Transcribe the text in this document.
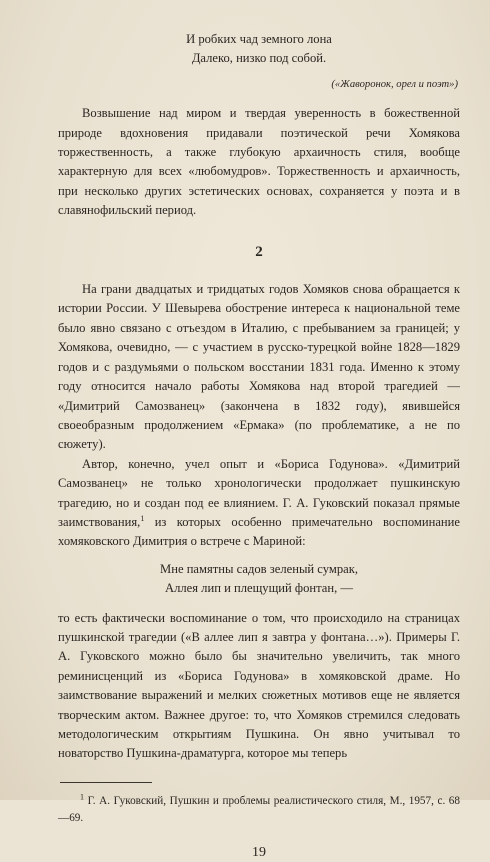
И робких чад земного лона
Далеко, низко под собой.
(«Жаворонок, орел и поэт»)

Возвышение над миром и твердая уверенность в божественной природе вдохновения придавали поэтической речи Хомякова торжественность, а также глубокую архаичность стиля, вообще характерную для всех «любомудров». Торжественность и архаичность, при несколько других эстетических основах, сохраняется у поэта и в славянофильский период.

2

На грани двадцатых и тридцатых годов Хомяков снова обращается к истории России. У Шевырева обострение интереса к национальной теме было явно связано с отъездом в Италию, с пребыванием за границей; у Хомякова, очевидно, — с участием в русско-турецкой войне 1828—1829 годов и с раздумьями о польском восстании 1831 года. Именно к этому году относится начало работы Хомякова над второй трагедией — «Димитрий Самозванец» (закончена в 1832 году), явившейся своеобразным продолжением «Ермака» (по проблематике, а не по сюжету).

Автор, конечно, учел опыт и «Бориса Годунова». «Димитрий Самозванец» не только хронологически продолжает пушкинскую трагедию, но и создан под ее влиянием. Г. А. Гуковский показал прямые заимствования,$^1$ из которых особенно примечательно воспоминание хомяковского Димитрия о встрече с Мариной:

Мне памятны садов зеленый сумрак,
Аллея лип и плещущий фонтан, —

то есть фактически воспоминание о том, что происходило на страницах пушкинской трагедии («В аллее лип я завтра у фонтана…»). Примеры Г. А. Гуковского можно было бы значительно увеличить, так много реминисценций из «Бориса Годунова» в хомяковской драме. Но заимствование выражений и мелких сюжетных мотивов еще не является творческим актом. Важнее другое: то, что Хомяков стремился следовать методологическим открытиям Пушкина. Он явно учитывал то новаторство Пушкина-драматурга, которое мы теперь

$^1$ Г. А. Гуковский, Пушкин и проблемы реалистического стиля, М., 1957, с. 68—69.

19
